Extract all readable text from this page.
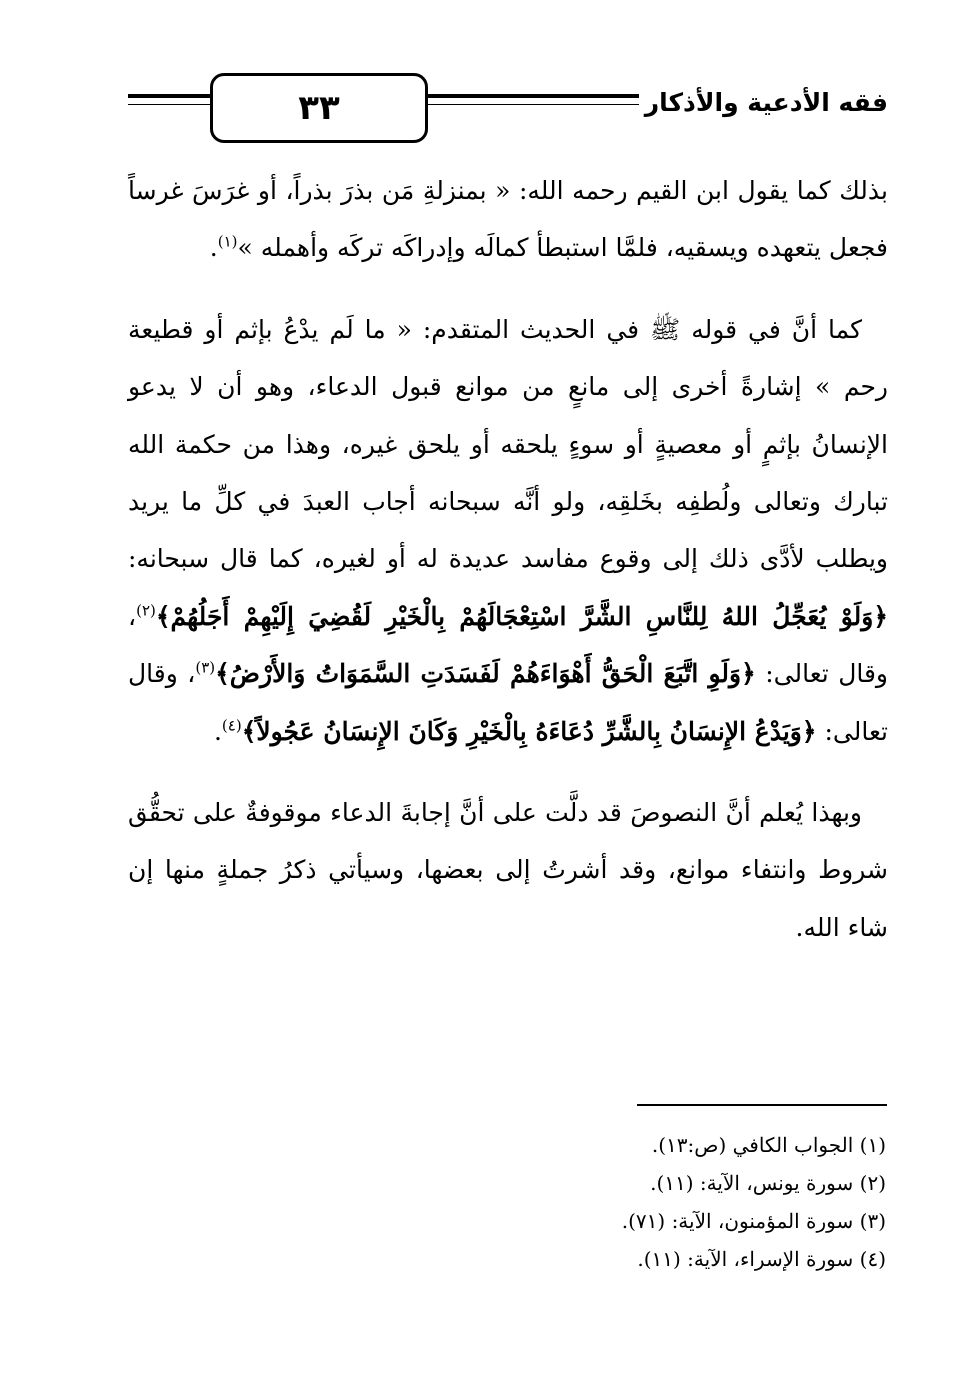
٣٣	فقه الأدعية والأذكار

بذلك كما يقول ابن القيم رحمه الله: « بمنزلةِ مَن بذرَ بذراً، أو غرَسَ غرساً فجعل يتعهده ويسقيه، فلمَّا استبطأ كمالَه وإدراكَه تركَه وأهمله »$^{(١)}$.

كما أنَّ في قوله ﷺ في الحديث المتقدم: « ما لَم يدْعُ بإثم أو قطيعة رحم » إشارةً أخرى إلى مانعٍ من موانع قبول الدعاء، وهو أن لا يدعو الإنسانُ بإثمٍ أو معصيةٍ أو سوءٍ يلحقه أو يلحق غيره، وهذا من حكمة الله تبارك وتعالى ولُطفِه بخَلقِه، ولو أنَّه سبحانه أجاب العبدَ في كلِّ ما يريد ويطلب لأدَّى ذلك إلى وقوع مفاسد عديدة له أو لغيره، كما قال سبحانه: ﴿وَلَوْ يُعَجِّلُ اللهُ لِلنَّاسِ الشَّرَّ اسْتِعْجَالَهُمْ بِالْخَيْرِ لَقُضِيَ إِلَيْهِمْ أَجَلُهُمْ﴾$^{(٢)}$، وقال تعالى: ﴿وَلَوِ اتَّبَعَ الْحَقُّ أَهْوَاءَهُمْ لَفَسَدَتِ السَّمَوَاتُ وَالأَرْضُ﴾$^{(٣)}$، وقال تعالى: ﴿وَيَدْعُ الإِنسَانُ بِالشَّرِّ دُعَاءَهُ بِالْخَيْرِ وَكَانَ الإِنسَانُ عَجُولاً﴾$^{(٤)}$.

وبهذا يُعلم أنَّ النصوصَ قد دلَّت على أنَّ إجابةَ الدعاء موقوفةٌ على تحقُّق شروط وانتفاء موانع، وقد أشرتُ إلى بعضها، وسيأتي ذكرُ جملةٍ منها إن شاء الله.

(١) الجواب الكافي (ص:١٣).
(٢) سورة يونس، الآية: (١١).
(٣) سورة المؤمنون، الآية: (٧١).
(٤) سورة الإسراء، الآية: (١١).
